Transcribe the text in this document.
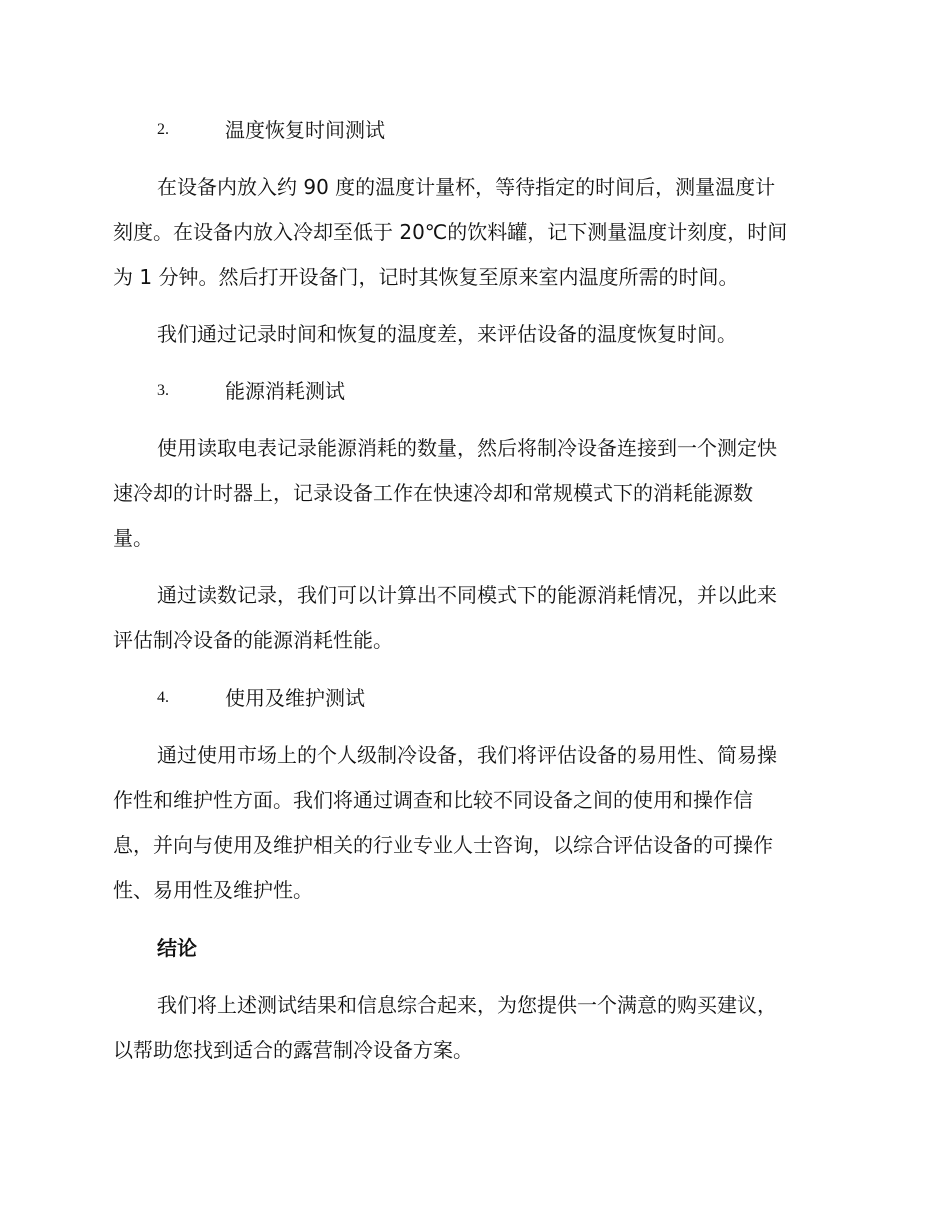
2.	温度恢复时间测试
在设备内放入约 90 度的温度计量杯，等待指定的时间后，测量温度计
刻度。在设备内放入冷却至低于 20℃的饮料罐，记下测量温度计刻度，时间
为 1 分钟。然后打开设备门，记时其恢复至原来室内温度所需的时间。
我们通过记录时间和恢复的温度差，来评估设备的温度恢复时间。
3.	能源消耗测试
使用读取电表记录能源消耗的数量，然后将制冷设备连接到一个测定快
速冷却的计时器上，记录设备工作在快速冷却和常规模式下的消耗能源数
量。
通过读数记录，我们可以计算出不同模式下的能源消耗情况，并以此来
评估制冷设备的能源消耗性能。
4.	使用及维护测试
通过使用市场上的个人级制冷设备，我们将评估设备的易用性、简易操
作性和维护性方面。我们将通过调查和比较不同设备之间的使用和操作信
息，并向与使用及维护相关的行业专业人士咨询，以综合评估设备的可操作
性、易用性及维护性。
结论
我们将上述测试结果和信息综合起来，为您提供一个满意的购买建议，
以帮助您找到适合的露营制冷设备方案。
